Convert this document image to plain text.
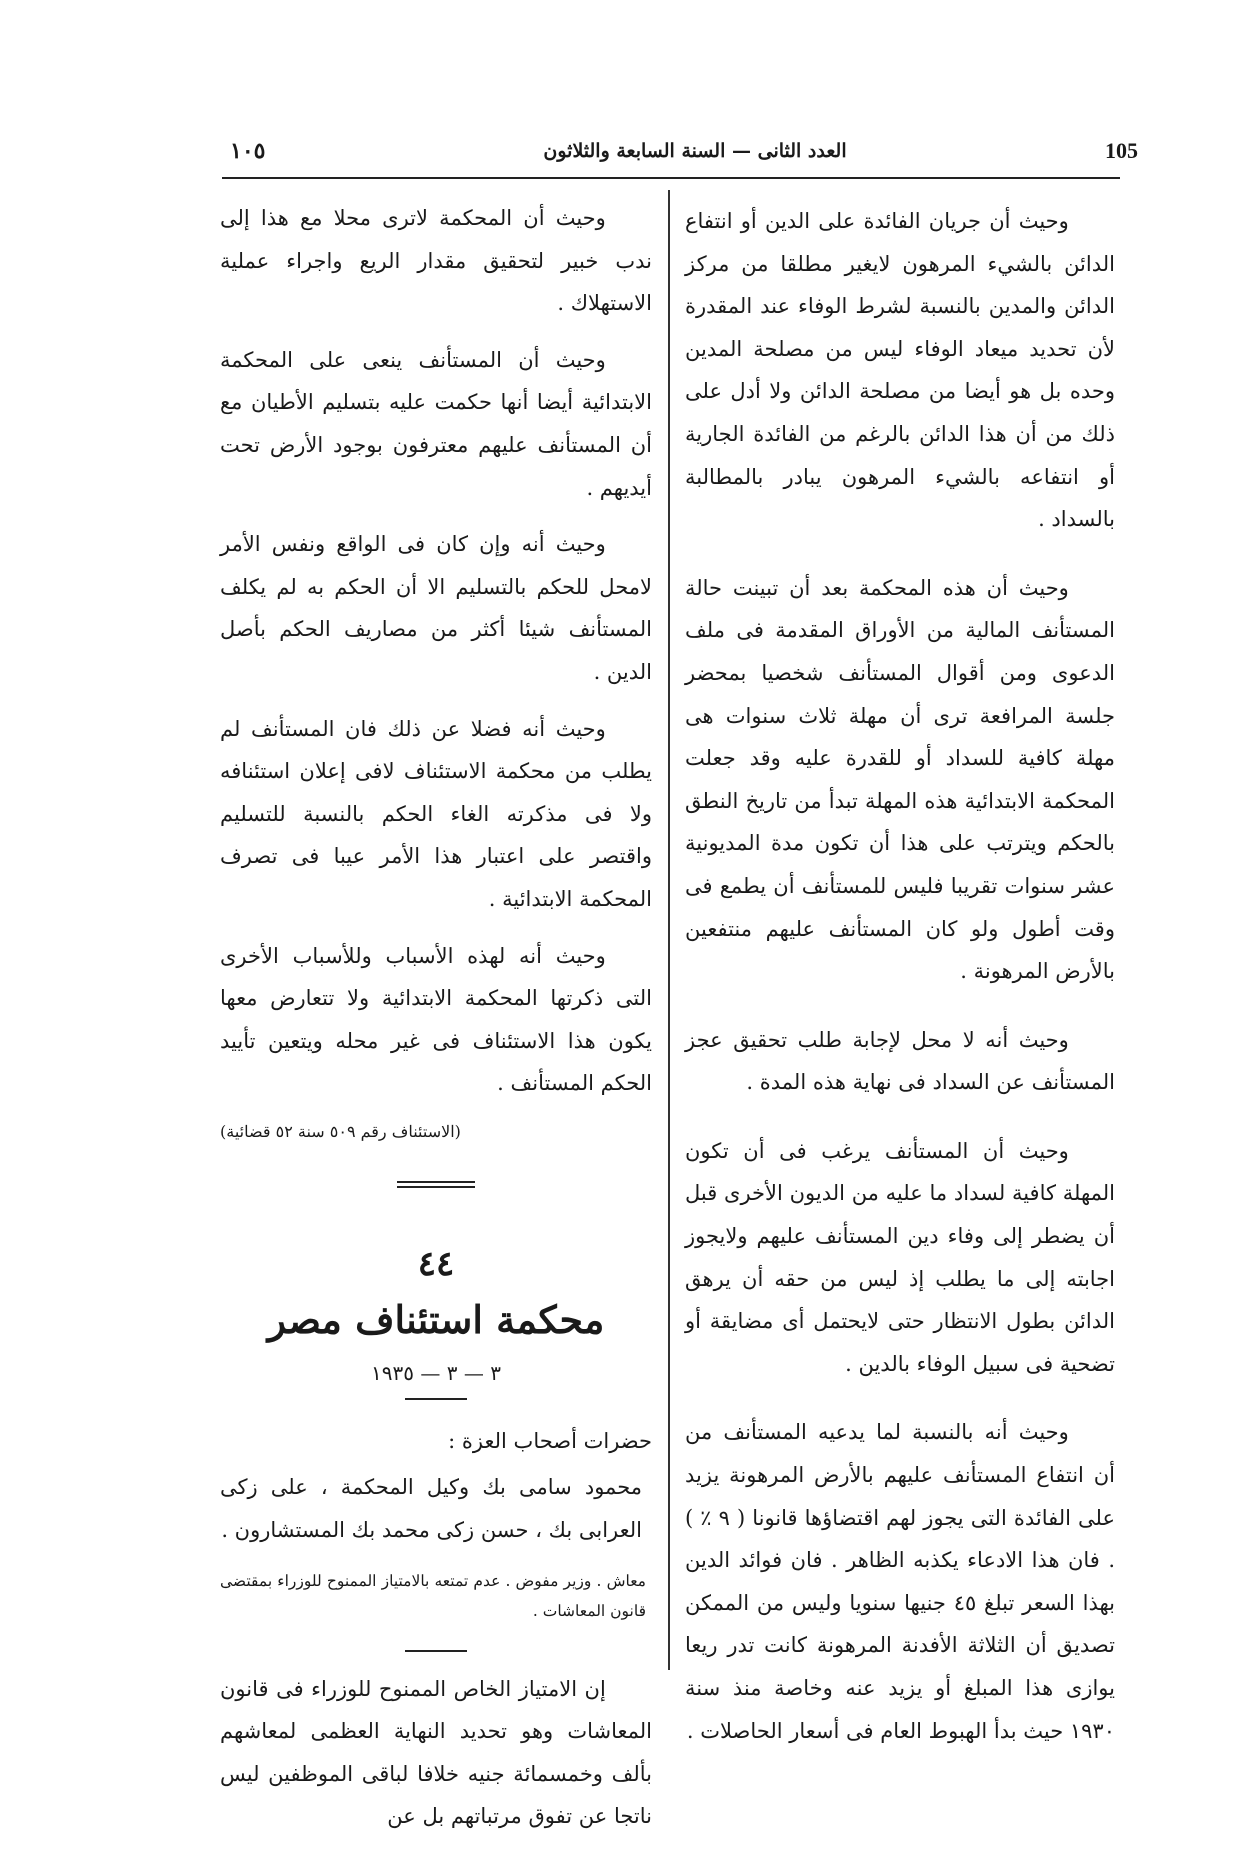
105
العدد الثانى — السنة السابعة والثلاثون
١٠٥

وحيث أن جريان الفائدة على الدين أو انتفاع الدائن بالشيء المرهون لايغير مطلقا من مركز الدائن والمدين بالنسبة لشرط الوفاء عند المقدرة لأن تحديد ميعاد الوفاء ليس من مصلحة المدين وحده بل هو أيضا من مصلحة الدائن ولا أدل على ذلك من أن هذا الدائن بالرغم من الفائدة الجارية أو انتفاعه بالشيء المرهون يبادر بالمطالبة بالسداد .

وحيث أن هذه المحكمة بعد أن تبينت حالة المستأنف المالية من الأوراق المقدمة فى ملف الدعوى ومن أقوال المستأنف شخصيا بمحضر جلسة المرافعة ترى أن مهلة ثلاث سنوات هى مهلة كافية للسداد أو للقدرة عليه وقد جعلت المحكمة الابتدائية هذه المهلة تبدأ من تاريخ النطق بالحكم ويترتب على هذا أن تكون مدة المديونية عشر سنوات تقريبا فليس للمستأنف أن يطمع فى وقت أطول ولو كان المستأنف عليهم منتفعين بالأرض المرهونة .

وحيث أنه لا محل لإجابة طلب تحقيق عجز المستأنف عن السداد فى نهاية هذه المدة .

وحيث أن المستأنف يرغب فى أن تكون المهلة كافية لسداد ما عليه من الديون الأخرى قبل أن يضطر إلى وفاء دين المستأنف عليهم ولايجوز اجابته إلى ما يطلب إذ ليس من حقه أن يرهق الدائن بطول الانتظار حتى لايحتمل أى مضايقة أو تضحية فى سبيل الوفاء بالدين .

وحيث أنه بالنسبة لما يدعيه المستأنف من أن انتفاع المستأنف عليهم بالأرض المرهونة يزيد على الفائدة التى يجوز لهم اقتضاؤها قانونا ( ٩ ٪ ) . فان هذا الادعاء يكذبه الظاهر . فان فوائد الدين بهذا السعر تبلغ ٤٥ جنيها سنويا وليس من الممكن تصديق أن الثلاثة الأفدنة المرهونة كانت تدر ريعا يوازى هذا المبلغ أو يزيد عنه وخاصة منذ سنة ١٩٣٠ حيث بدأ الهبوط العام فى أسعار الحاصلات .

وحيث أن المحكمة لاترى محلا مع هذا إلى ندب خبير لتحقيق مقدار الريع واجراء عملية الاستهلاك .

وحيث أن المستأنف ينعى على المحكمة الابتدائية أيضا أنها حكمت عليه بتسليم الأطيان مع أن المستأنف عليهم معترفون بوجود الأرض تحت أيديهم .

وحيث أنه وإن كان فى الواقع ونفس الأمر لامحل للحكم بالتسليم الا أن الحكم به لم يكلف المستأنف شيئا أكثر من مصاريف الحكم بأصل الدين .

وحيث أنه فضلا عن ذلك فان المستأنف لم يطلب من محكمة الاستئناف لافى إعلان استئنافه ولا فى مذكرته الغاء الحكم بالنسبة للتسليم واقتصر على اعتبار هذا الأمر عيبا فى تصرف المحكمة الابتدائية .

وحيث أنه لهذه الأسباب وللأسباب الأخرى التى ذكرتها المحكمة الابتدائية ولا تتعارض معها يكون هذا الاستئناف فى غير محله ويتعين تأييد الحكم المستأنف .

(الاستئناف رقم ٥٠٩ سنة ٥٢ قضائية)

٤٤
محكمة استئناف مصر
٣ — ٣ — ١٩٣٥

حضرات أصحاب العزة :

محمود سامى بك وكيل المحكمة ، على زكى العرابى بك ، حسن زكى محمد بك المستشارون .

معاش . وزير مفوض . عدم تمتعه بالامتياز الممنوح للوزراء بمقتضى قانون المعاشات .

إن الامتياز الخاص الممنوح للوزراء فى قانون المعاشات وهو تحديد النهاية العظمى لمعاشهم بألف وخمسمائة جنيه خلافا لباقى الموظفين ليس ناتجا عن تفوق مرتباتهم بل عن
